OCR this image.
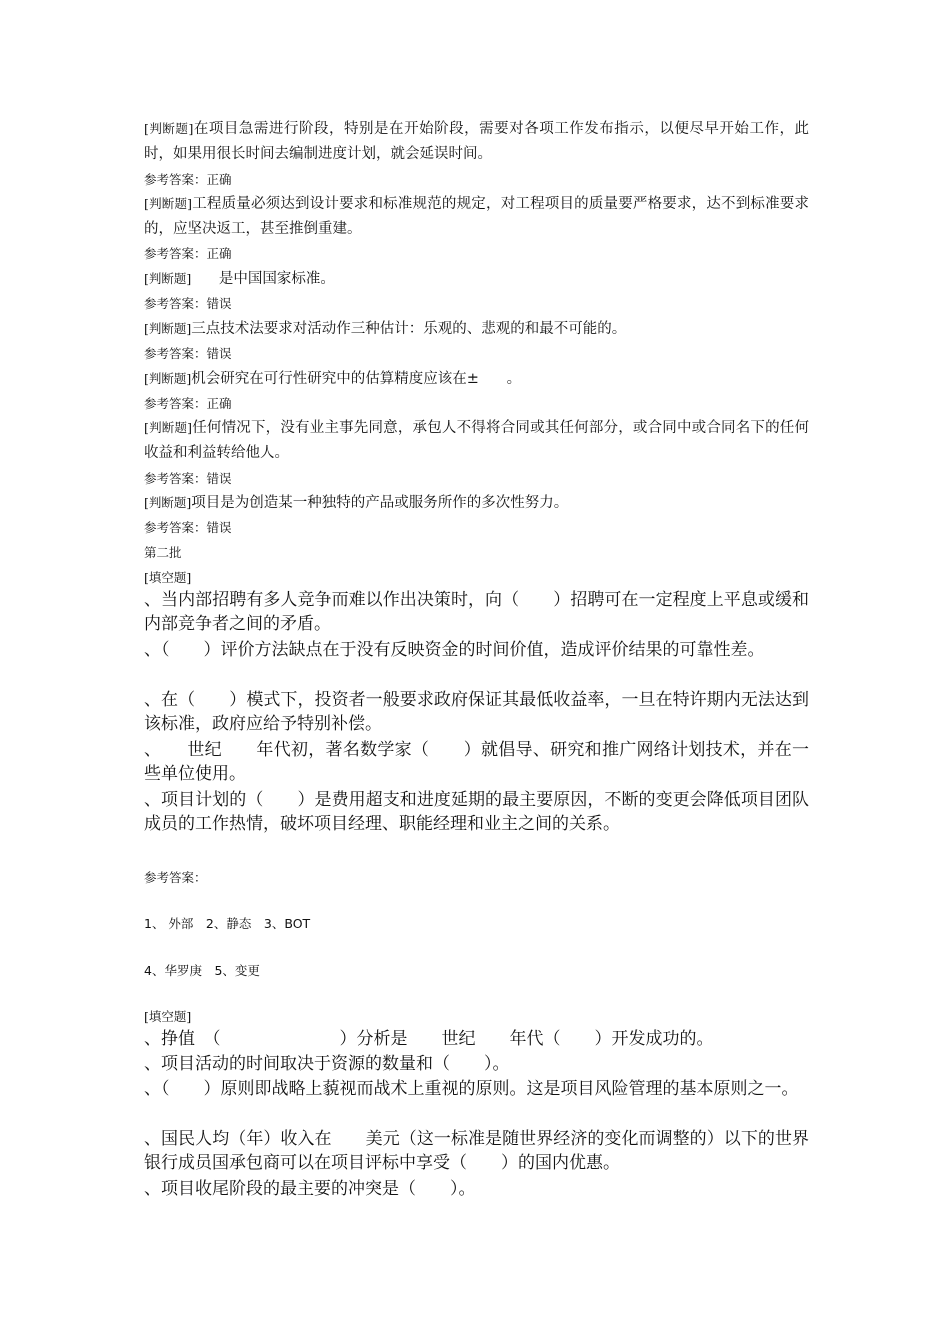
[判断题]在项目急需进行阶段，特别是在开始阶段，需要对各项工作发布指示，以便尽早开始工作，此时，如果用很长时间去编制进度计划，就会延误时间。

参考答案：正确

[判断题]工程质量必须达到设计要求和标准规范的规定，对工程项目的质量要严格要求，达不到标准要求的，应坚决返工，甚至推倒重建。

参考答案：正确

[判断题]      是中国国家标准。

参考答案：错误

[判断题]三点技术法要求对活动作三种估计：乐观的、悲观的和最不可能的。

参考答案：错误

[判断题]机会研究在可行性研究中的估算精度应该在±      。

参考答案：正确

[判断题]任何情况下，没有业主事先同意，承包人不得将合同或其任何部分，或合同中或合同名下的任何收益和利益转给他人。

参考答案：错误

[判断题]项目是为创造某一种独特的产品或服务所作的多次性努力。

参考答案：错误

第二批

[填空题]

、当内部招聘有多人竞争而难以作出决策时，向（　　）招聘可在一定程度上平息或缓和内部竞争者之间的矛盾。

、（　　）评价方法缺点在于没有反映资金的时间价值，造成评价结果的可靠性差。

、在（　　）模式下，投资者一般要求政府保证其最低收益率，一旦在特许期内无法达到该标准，政府应给予特别补偿。

、　　世纪　　年代初，著名数学家（　　）就倡导、研究和推广网络计划技术，并在一些单位使用。

、项目计划的（　　）是费用超支和进度延期的最主要原因，不断的变更会降低项目团队成员的工作热情，破坏项目经理、职能经理和业主之间的关系。

参考答案：

1、 外部　2、静态　3、BOT

4、华罗庚　5、变更

[填空题]

、挣值　（　　　　　　　）分析是　　世纪　　年代（　　）开发成功的。

、项目活动的时间取决于资源的数量和（　　）。

、（　　）原则即战略上藐视而战术上重视的原则。这是项目风险管理的基本原则之一。

、国民人均（年）收入在　　美元（这一标准是随世界经济的变化而调整的）以下的世界银行成员国承包商可以在项目评标中享受（　　）的国内优惠。

、项目收尾阶段的最主要的冲突是（　　）。
